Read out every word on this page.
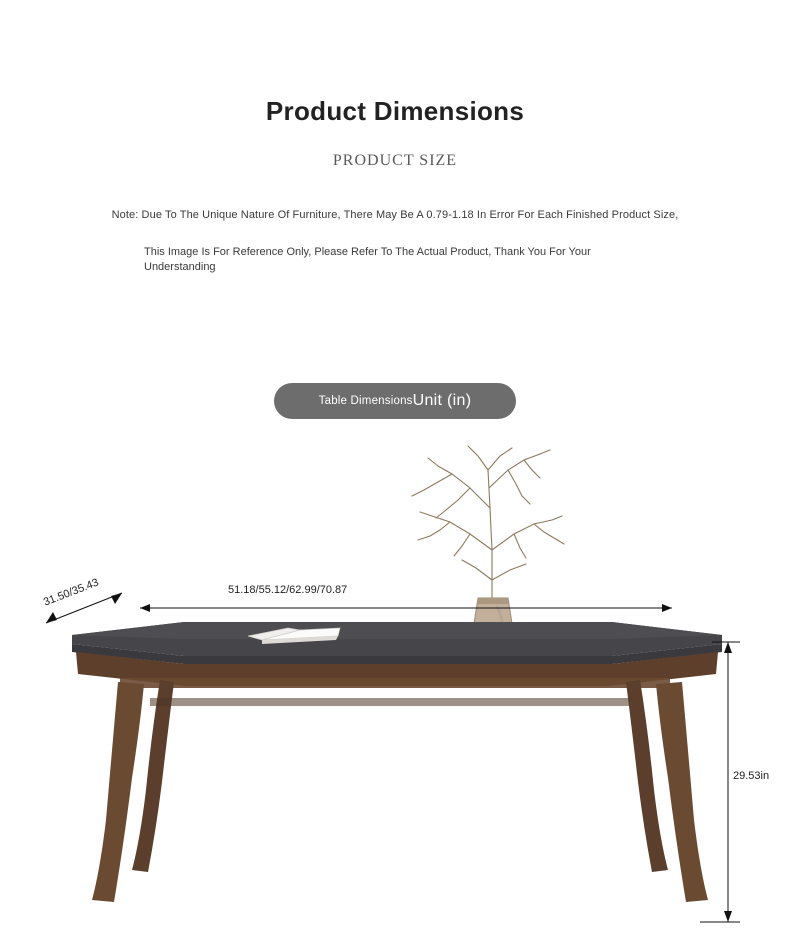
Product Dimensions
PRODUCT SIZE
Note: Due To The Unique Nature Of Furniture, There May Be A 0.79-1.18 In Error For Each Finished Product Size,
This Image Is For Reference Only, Please Refer To The Actual Product, Thank You For Your Understanding
Table Dimensions Unit (in)
51.18/55.12/62.99/70.87
31.50/35.43
29.53in
